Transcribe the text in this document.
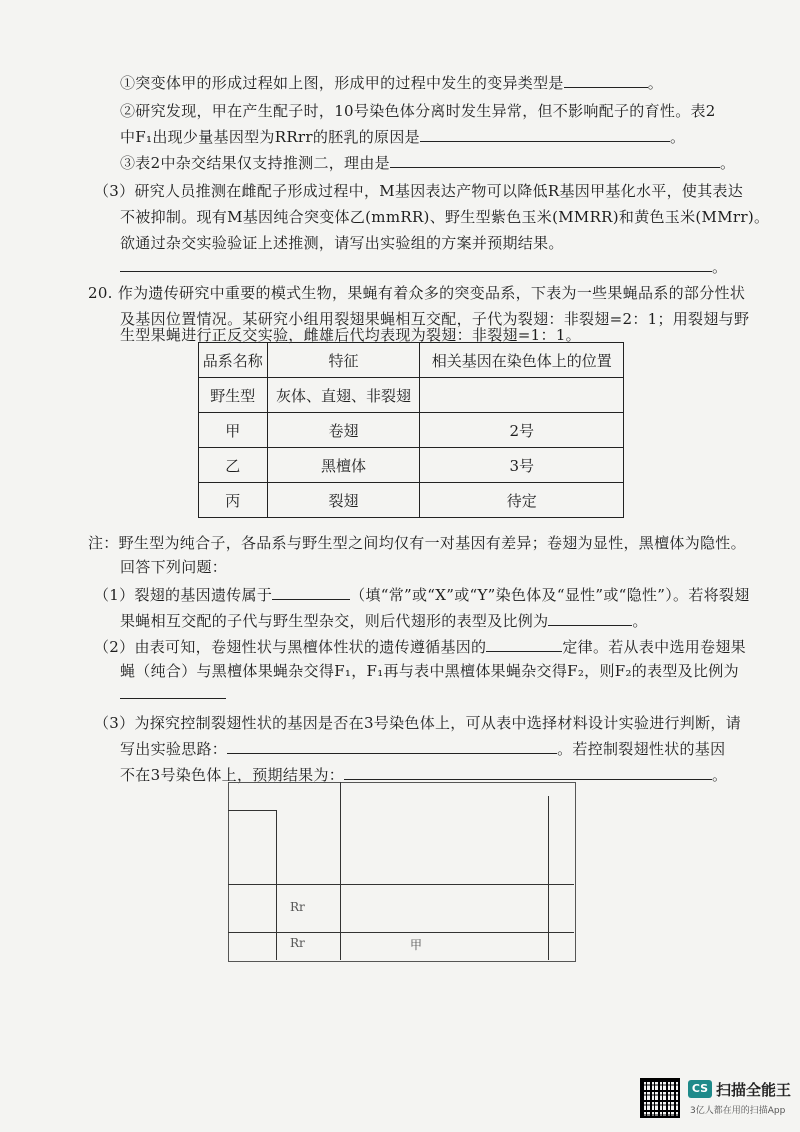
①突变体甲的形成过程如上图，形成甲的过程中发生的变异类型是	。
②研究发现，甲在产生配子时，10号染色体分离时发生异常，但不影响配子的育性。表2
中F₁出现少量基因型为RRrr的胚乳的原因是	。
③表2中杂交结果仅支持推测二，理由是	。
（3）研究人员推测在雌配子形成过程中，M基因表达产物可以降低R基因甲基化水平，使其表达
不被抑制。现有M基因纯合突变体乙(mmRR)、野生型紫色玉米(MMRR)和黄色玉米(MMrr)。
欲通过杂交实验验证上述推测，请写出实验组的方案并预期结果。
。
20. 作为遗传研究中重要的模式生物，果蝇有着众多的突变品系，下表为一些果蝇品系的部分性状
及基因位置情况。某研究小组用裂翅果蝇相互交配，子代为裂翅：非裂翅=2：1；用裂翅与野
生型果蝇进行正反交实验，雌雄后代均表现为裂翅：非裂翅=1：1。
品系名称	特征	相关基因在染色体上的位置
野生型	灰体、直翅、非裂翅	
甲	卷翅	2号
乙	黑檀体	3号
丙	裂翅	待定
注：野生型为纯合子，各品系与野生型之间均仅有一对基因有差异；卷翅为显性，黑檀体为隐性。
回答下列问题：
（1）裂翅的基因遗传属于	（填“常”或“X”或“Y”染色体及“显性”或“隐性”）。若将裂翅
果蝇相互交配的子代与野生型杂交，则后代翅形的表型及比例为	。
（2）由表可知，卷翅性状与黑檀体性状的遗传遵循基因的	定律。若从表中选用卷翅果
蝇（纯合）与黑檀体果蝇杂交得F₁，F₁再与表中黑檀体果蝇杂交得F₂，则F₂的表型及比例为
（3）为探究控制裂翅性状的基因是否在3号染色体上，可从表中选择材料设计实验进行判断，请
写出实验思路：	。若控制裂翅性状的基因
不在3号染色体上，预期结果为：	。
Rr
Rr	甲
CS 扫描全能王
3亿人都在用的扫描App
